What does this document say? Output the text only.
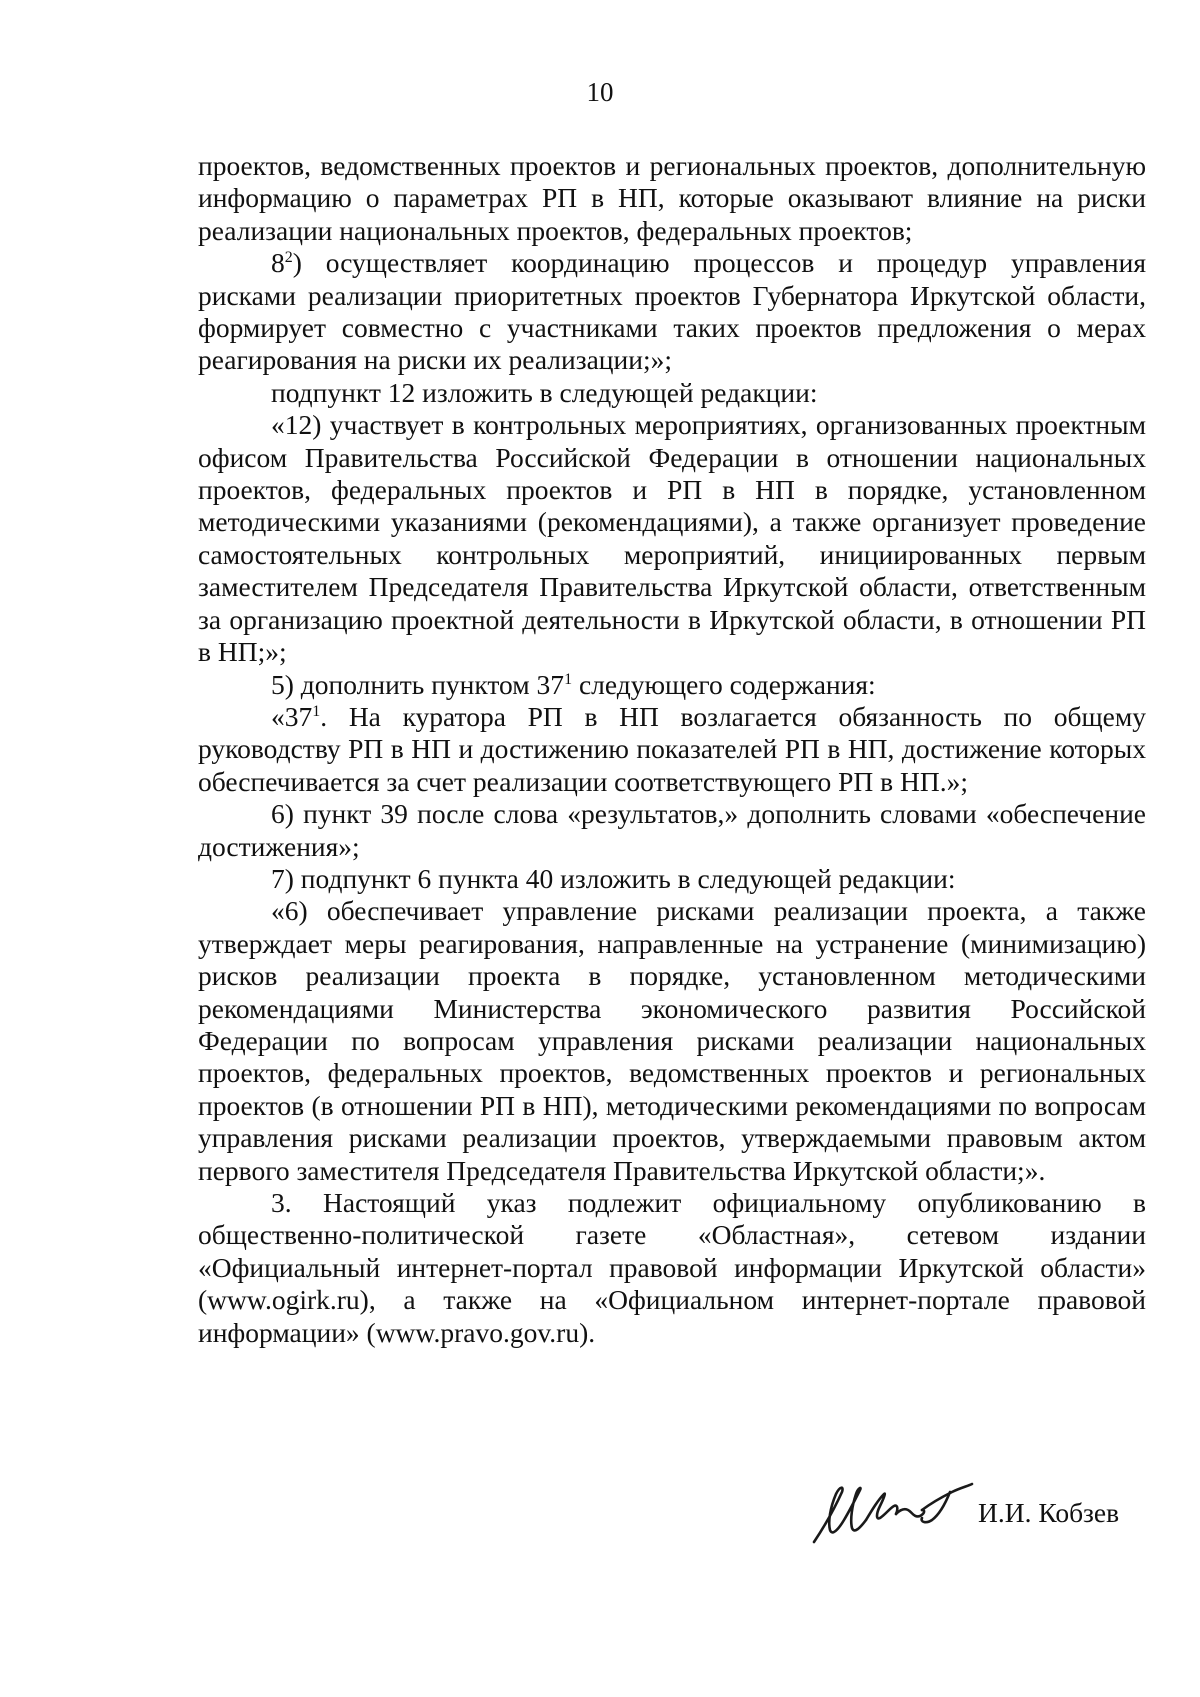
10

проектов, ведомственных проектов и региональных проектов, дополнительную информацию о параметрах РП в НП, которые оказывают влияние на риски реализации национальных проектов, федеральных проектов;

$8^2$) осуществляет координацию процессов и процедур управления рисками реализации приоритетных проектов Губернатора Иркутской области, формирует совместно с участниками таких проектов предложения о мерах реагирования на риски их реализации;»;

подпункт 12 изложить в следующей редакции:

«12) участвует в контрольных мероприятиях, организованных проектным офисом Правительства Российской Федерации в отношении национальных проектов, федеральных проектов и РП в НП в порядке, установленном методическими указаниями (рекомендациями), а также организует проведение самостоятельных контрольных мероприятий, инициированных первым заместителем Председателя Правительства Иркутской области, ответственным за организацию проектной деятельности в Иркутской области, в отношении РП в НП;»;

5) дополнить пунктом $37^1$ следующего содержания:

«$37^1$. На куратора РП в НП возлагается обязанность по общему руководству РП в НП и достижению показателей РП в НП, достижение которых обеспечивается за счет реализации соответствующего РП в НП.»;

6) пункт 39 после слова «результатов,» дополнить словами «обеспечение достижения»;

7) подпункт 6 пункта 40 изложить в следующей редакции:

«6) обеспечивает управление рисками реализации проекта, а также утверждает меры реагирования, направленные на устранение (минимизацию) рисков реализации проекта в порядке, установленном методическими рекомендациями Министерства экономического развития Российской Федерации по вопросам управления рисками реализации национальных проектов, федеральных проектов, ведомственных проектов и региональных проектов (в отношении РП в НП), методическими рекомендациями по вопросам управления рисками реализации проектов, утверждаемыми правовым актом первого заместителя Председателя Правительства Иркутской области;».

3. Настоящий указ подлежит официальному опубликованию в общественно-политической газете «Областная», сетевом издании «Официальный интернет-портал правовой информации Иркутской области» (www.ogirk.ru), а также на «Официальном интернет-портале правовой информации» (www.pravo.gov.ru).

И.И. Кобзев
